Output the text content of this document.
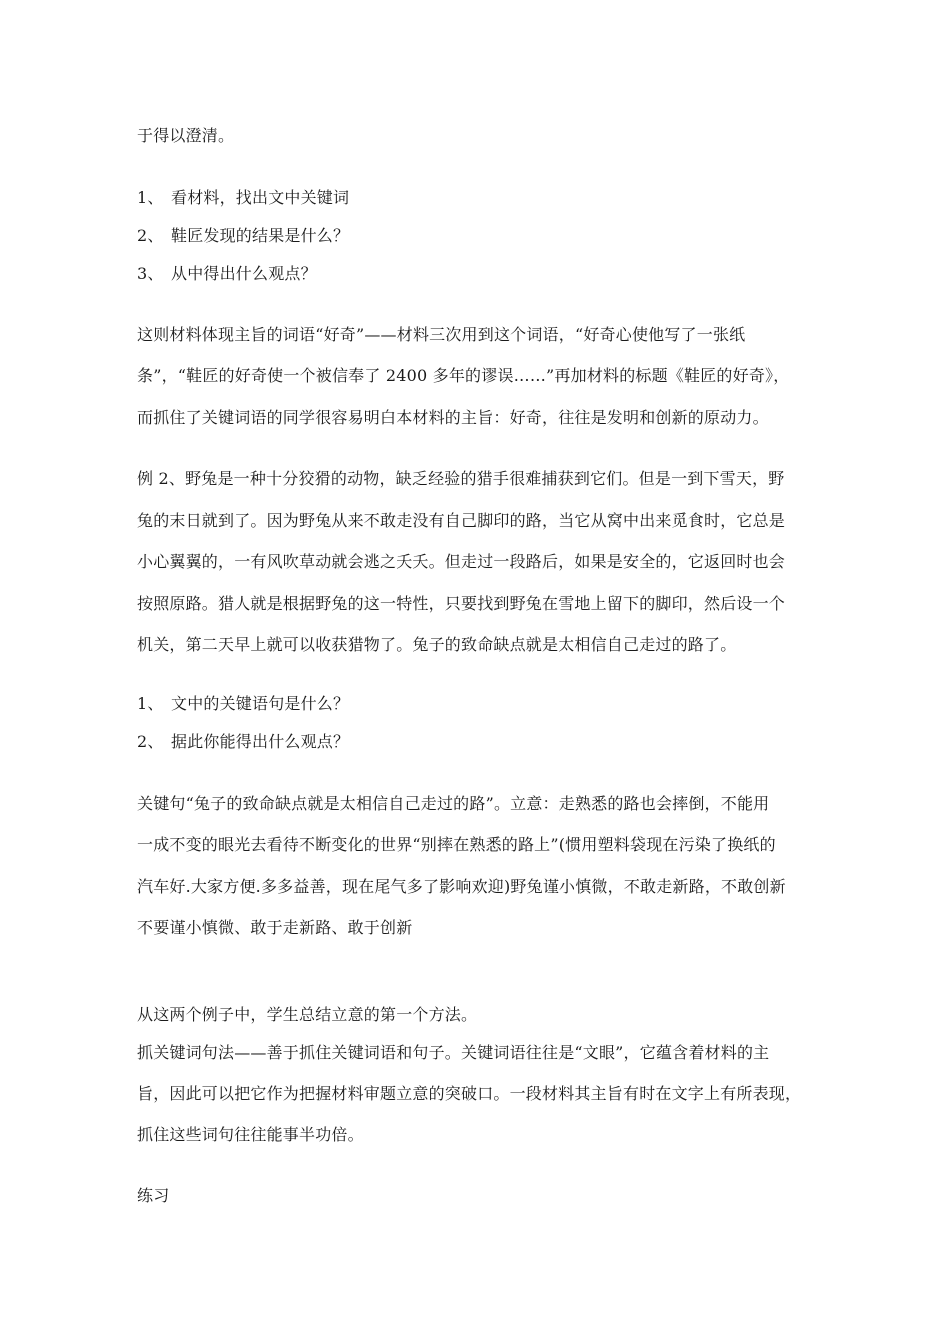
于得以澄清。
1、 看材料，找出文中关键词
2、 鞋匠发现的结果是什么？
3、 从中得出什么观点？
这则材料体现主旨的词语“好奇”——材料三次用到这个词语，“好奇心使他写了一张纸
条”，“鞋匠的好奇使一个被信奉了 2400 多年的谬误……”再加材料的标题《鞋匠的好奇》，
而抓住了关键词语的同学很容易明白本材料的主旨：好奇，往往是发明和创新的原动力。
例 2、野兔是一种十分狡猾的动物，缺乏经验的猎手很难捕获到它们。但是一到下雪天，野
兔的末日就到了。因为野兔从来不敢走没有自己脚印的路，当它从窝中出来觅食时，它总是
小心翼翼的，一有风吹草动就会逃之夭夭。但走过一段路后，如果是安全的，它返回时也会
按照原路。猎人就是根据野兔的这一特性，只要找到野兔在雪地上留下的脚印，然后设一个
机关，第二天早上就可以收获猎物了。兔子的致命缺点就是太相信自己走过的路了。
1、 文中的关键语句是什么？
2、 据此你能得出什么观点？
关键句“兔子的致命缺点就是太相信自己走过的路”。立意：走熟悉的路也会摔倒，不能用
一成不变的眼光去看待不断变化的世界“别摔在熟悉的路上”(惯用塑料袋现在污染了换纸的
汽车好.大家方便.多多益善，现在尾气多了影响欢迎)野兔谨小慎微，不敢走新路，不敢创新
不要谨小慎微、敢于走新路、敢于创新
从这两个例子中，学生总结立意的第一个方法。
抓关键词句法——善于抓住关键词语和句子。关键词语往往是“文眼”，它蕴含着材料的主
旨，因此可以把它作为把握材料审题立意的突破口。一段材料其主旨有时在文字上有所表现，
抓住这些词句往往能事半功倍。
练习
